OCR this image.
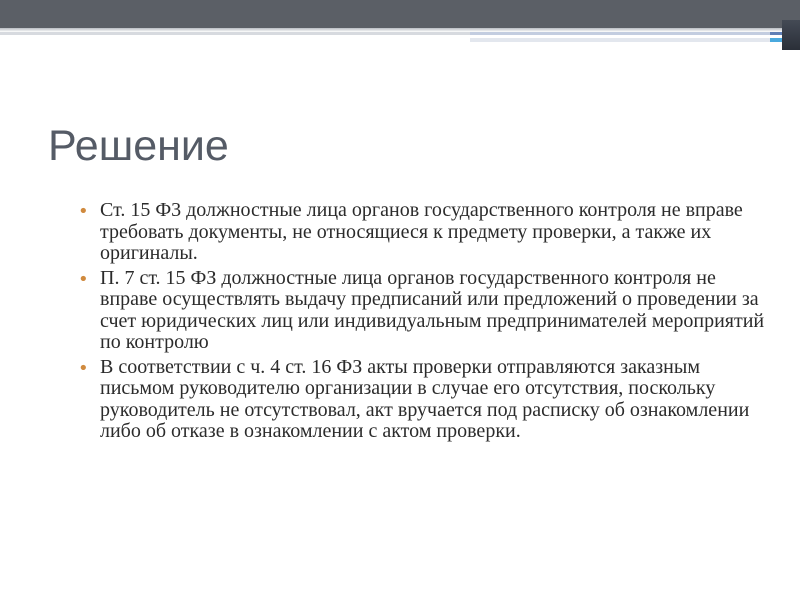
Решение
• Ст. 15 Ф3 должностные лица органов государственного контроля не вправе требовать документы, не относящиеся к предмету проверки, а также их оригиналы.
• П. 7 ст. 15 ФЗ должностные лица органов государственного контроля не вправе осуществлять выдачу предписаний или предложений о проведении за счет юридических лиц или индивидуальным предпринимателей мероприятий по контролю
• В соответствии с ч. 4 ст. 16 ФЗ акты проверки отправляются заказным письмом руководителю организации в случае его отсутствия, поскольку руководитель не отсутствовал, акт вручается под расписку об ознакомлении либо об отказе в ознакомлении с актом проверки.
